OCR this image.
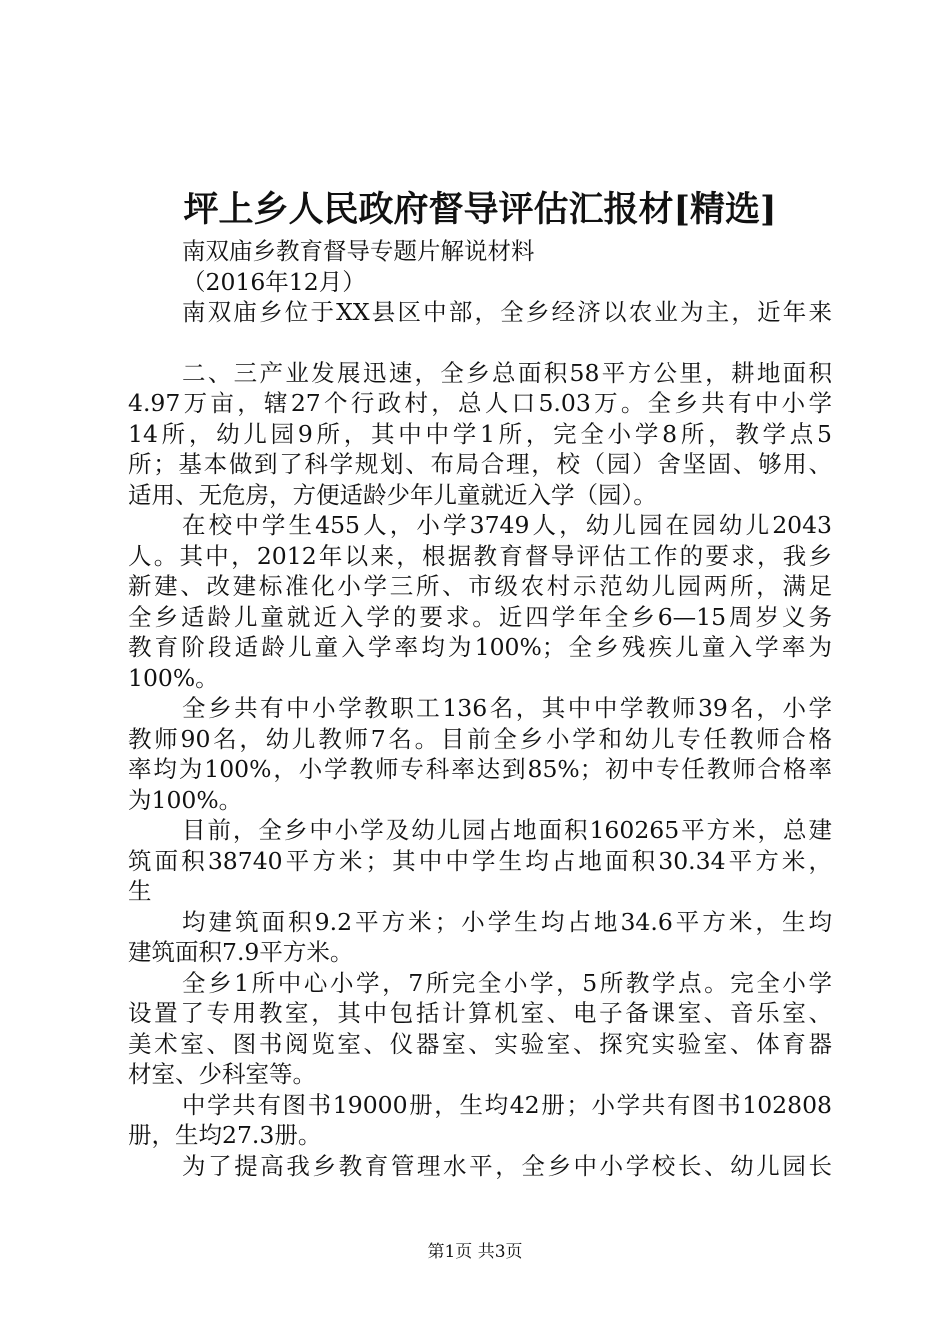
坪上乡人民政府督导评估汇报材[精选]
南双庙乡教育督导专题片解说材料
（2016年12月）
南双庙乡位于XX县区中部，全乡经济以农业为主，近年来
二、三产业发展迅速，全乡总面积58平方公里，耕地面积
4.97万亩，辖27个行政村，总人口5.03万。全乡共有中小学
14所，幼儿园9所，其中中学1所，完全小学8所，教学点5
所；基本做到了科学规划、布局合理，校（园）舍坚固、够用、
适用、无危房，方便适龄少年儿童就近入学（园）。
在校中学生455人，小学3749人，幼儿园在园幼儿2043
人。其中，2012年以来，根据教育督导评估工作的要求，我乡
新建、改建标准化小学三所、市级农村示范幼儿园两所，满足
全乡适龄儿童就近入学的要求。近四学年全乡6—15周岁义务
教育阶段适龄儿童入学率均为100%；全乡残疾儿童入学率为
100%。
全乡共有中小学教职工136名，其中中学教师39名，小学
教师90名，幼儿教师7名。目前全乡小学和幼儿专任教师合格
率均为100%，小学教师专科率达到85%；初中专任教师合格率
为100%。
目前，全乡中小学及幼儿园占地面积160265平方米，总建
筑面积38740平方米；其中中学生均占地面积30.34平方米，
生
均建筑面积9.2平方米；小学生均占地34.6平方米，生均
建筑面积7.9平方米。
全乡1所中心小学，7所完全小学，5所教学点。完全小学
设置了专用教室，其中包括计算机室、电子备课室、音乐室、
美术室、图书阅览室、仪器室、实验室、探究实验室、体育器
材室、少科室等。
中学共有图书19000册，生均42册；小学共有图书102808
册，生均27.3册。
为了提高我乡教育管理水平，全乡中小学校长、幼儿园长
第1页 共3页
